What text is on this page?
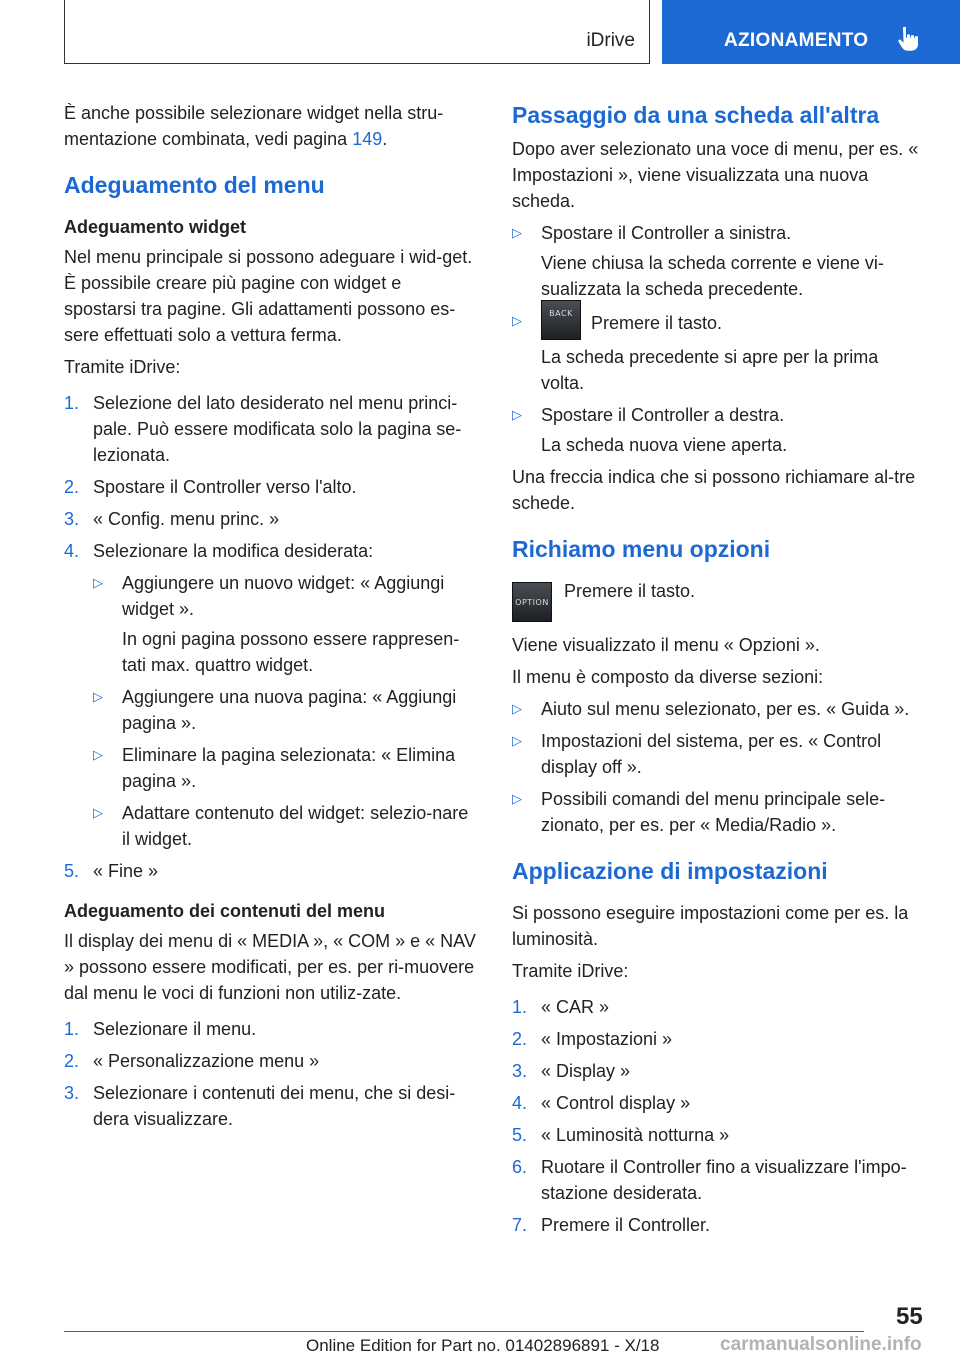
iDrive	AZIONAMENTO

È anche possibile selezionare widget nella stru-mentazione combinata, vedi pagina 149.

Adeguamento del menu
Adeguamento widget

Nel menu principale si possono adeguare i wid-get. È possibile creare più pagine con widget e spostarsi tra pagine. Gli adattamenti possono es-sere effettuati solo a vettura ferma.

Tramite iDrive:

1. Selezione del lato desiderato nel menu princi-pale. Può essere modificata solo la pagina se-lezionata.
2. Spostare il Controller verso l'alto.
3. « Config. menu princ. »
4. Selezionare la modifica desiderata:
▷ Aggiungere un nuovo widget: « Aggiungi widget ».
In ogni pagina possono essere rappresen-tati max. quattro widget.
▷ Aggiungere una nuova pagina: « Aggiungi pagina ».
▷ Eliminare la pagina selezionata: « Elimina pagina ».
▷ Adattare contenuto del widget: selezio-nare il widget.
5. « Fine »
Adeguamento dei contenuti del menu

Il display dei menu di « MEDIA », « COM » e « NAV » possono essere modificati, per es. per ri-muovere dal menu le voci di funzioni non utiliz-zate.

1. Selezionare il menu.
2. « Personalizzazione menu »
3. Selezionare i contenuti dei menu, che si desi-dera visualizzare.
Passaggio da una scheda all'altra

Dopo aver selezionato una voce di menu, per es. « Impostazioni », viene visualizzata una nuova scheda.

▷ Spostare il Controller a sinistra.
Viene chiusa la scheda corrente e viene vi-sualizzata la scheda precedente.
▷	BACK Premere il tasto.
La scheda precedente si apre per la prima volta.
▷ Spostare il Controller a destra.
La scheda nuova viene aperta.

Una freccia indica che si possono richiamare al-tre schede.

Richiamo menu opzioni
OPTION
Premere il tasto.

Viene visualizzato il menu « Opzioni ».

Il menu è composto da diverse sezioni:

▷ Aiuto sul menu selezionato, per es. « Guida ».
▷ Impostazioni del sistema, per es. « Control display off ».
▷ Possibili comandi del menu principale sele-zionato, per es. per « Media/Radio ».
Applicazione di impostazioni

Si possono eseguire impostazioni come per es. la luminosità.

Tramite iDrive:

1. « CAR »
2. « Impostazioni »
3. « Display »
4. « Control display »
5. « Luminosità notturna »
6. Ruotare il Controller fino a visualizzare l'impo-stazione desiderata.
7. Premere il Controller.
55
Online Edition for Part no. 01402896891 - X/18	carmanualsonline.info
